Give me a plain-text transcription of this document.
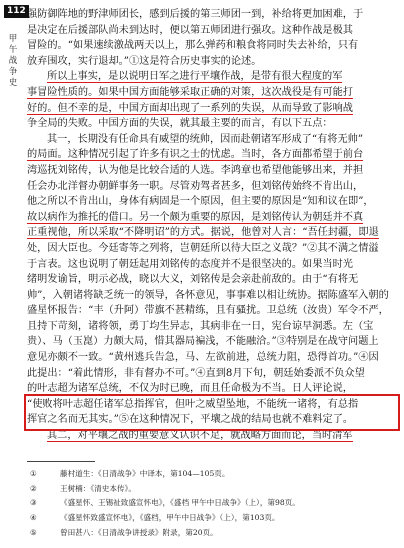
112
甲午战争史
强防御阵地的野津师团长，感到后援的第三师团一到，补给将更加困难，于
是决定在后援部队尚未到达时，便以第五师团进行强攻。这种作战是极其
冒险的。“如果速续激战两天以上，那么弹药和粮食将同时失去补给，只有
放弃围攻，实行退却。”①这是符合历史事实的论述。
所以上事实，是以说明日军之进行平壤作战，是带有很大程度的军
事冒险性质的。如果中国方面能够采取正确的对策，这次战役是有可能打
好的。但不幸的是，中国方面却出现了一系列的失误，从而导致了影响战
争全局的失败。中国方面的失误，就其最主要的而言，有以下五点：
其一，长期没有任命具有威望的统帅，因而赴朝诸军形成了“有将无帅”
的局面。这种情况引起了许多有识之士的忧虑。当时，各方面都希望于前台
湾巡抚刘铭传，认为他是比较合适的人选。李鸿章也希望他能够出来，并担
任会办北洋督办朝鲜事务一职。尽管劝驾者甚多，但刘铭传始终不肯出山，
他之所以不肯出山，身体有病固是一个原因，但主要的原因是“知和议在即”，
故以病作为推托的借口。另一个颇为重要的原因，是刘铭传认为朝廷并不真
正重视他，所以采取“不降明诏”的方式。据说，他曾对人言：“吾任封疆，即退
处，因大臣也。今廷寄等之列将，岂朝廷所以待大臣之义哉？”②其不满之情溢
于言表。这也说明了朝廷起用刘铭传的态度并不是很坚决的。如果当时光
绪明发谕旨，明示必战，晓以大义，刘铭传是会亲赴前敌的。由于“有将无
帅”，入朝诸将缺乏统一的领导，各怀意见，事事难以相让统协。据陈盛军入朝的
盛星怀报告：“丰（升阿）带旗不甚精练，且有骚扰。卫总统（汝贵）军令不严，
且持下苛刻，诸将领，勇丁均生异志，其病非在一日，宪台谅早洞悉。左（宝
贵）、马（玉崑）力颇大局，惜其器局褊浅，不能融洽。”③特别是在战守问题上
意见亦颇不一致。“黄州逃兵告急，马、左欲前进，总统力阻，恐得首功。”④因
此提出：“着此情形，非有督办不可。”④直到8月下旬，朝廷始委派不负众望
的叶志超为诸军总统，不仅为时已晚，而且任命极为不当。日人评论说，
“使败将叶志超任诸军总指挥官，但叶之威望坠地，不能统一诸将，有总指
挥官之名而无其实。”⑤在这种情况下，平壤之战的结局也就不难料定了。
其二，对平壤之战的重要意义认识不足，就战略方面而论，当时清军
①	藤村道生：《日清战争》中译本，第104—105页。
②	王树楠：《清史本传》。
③	《盛星怀、王锡祉致盛宣怀电》，《盛档 甲午中日战争》（上），第98页。
④	《盛星怀致盛宣怀电》，《盛档，甲午中日战争》（上），第103页。
⑤	曾田甚八：《日清战争讲授录》附录，第20页。
